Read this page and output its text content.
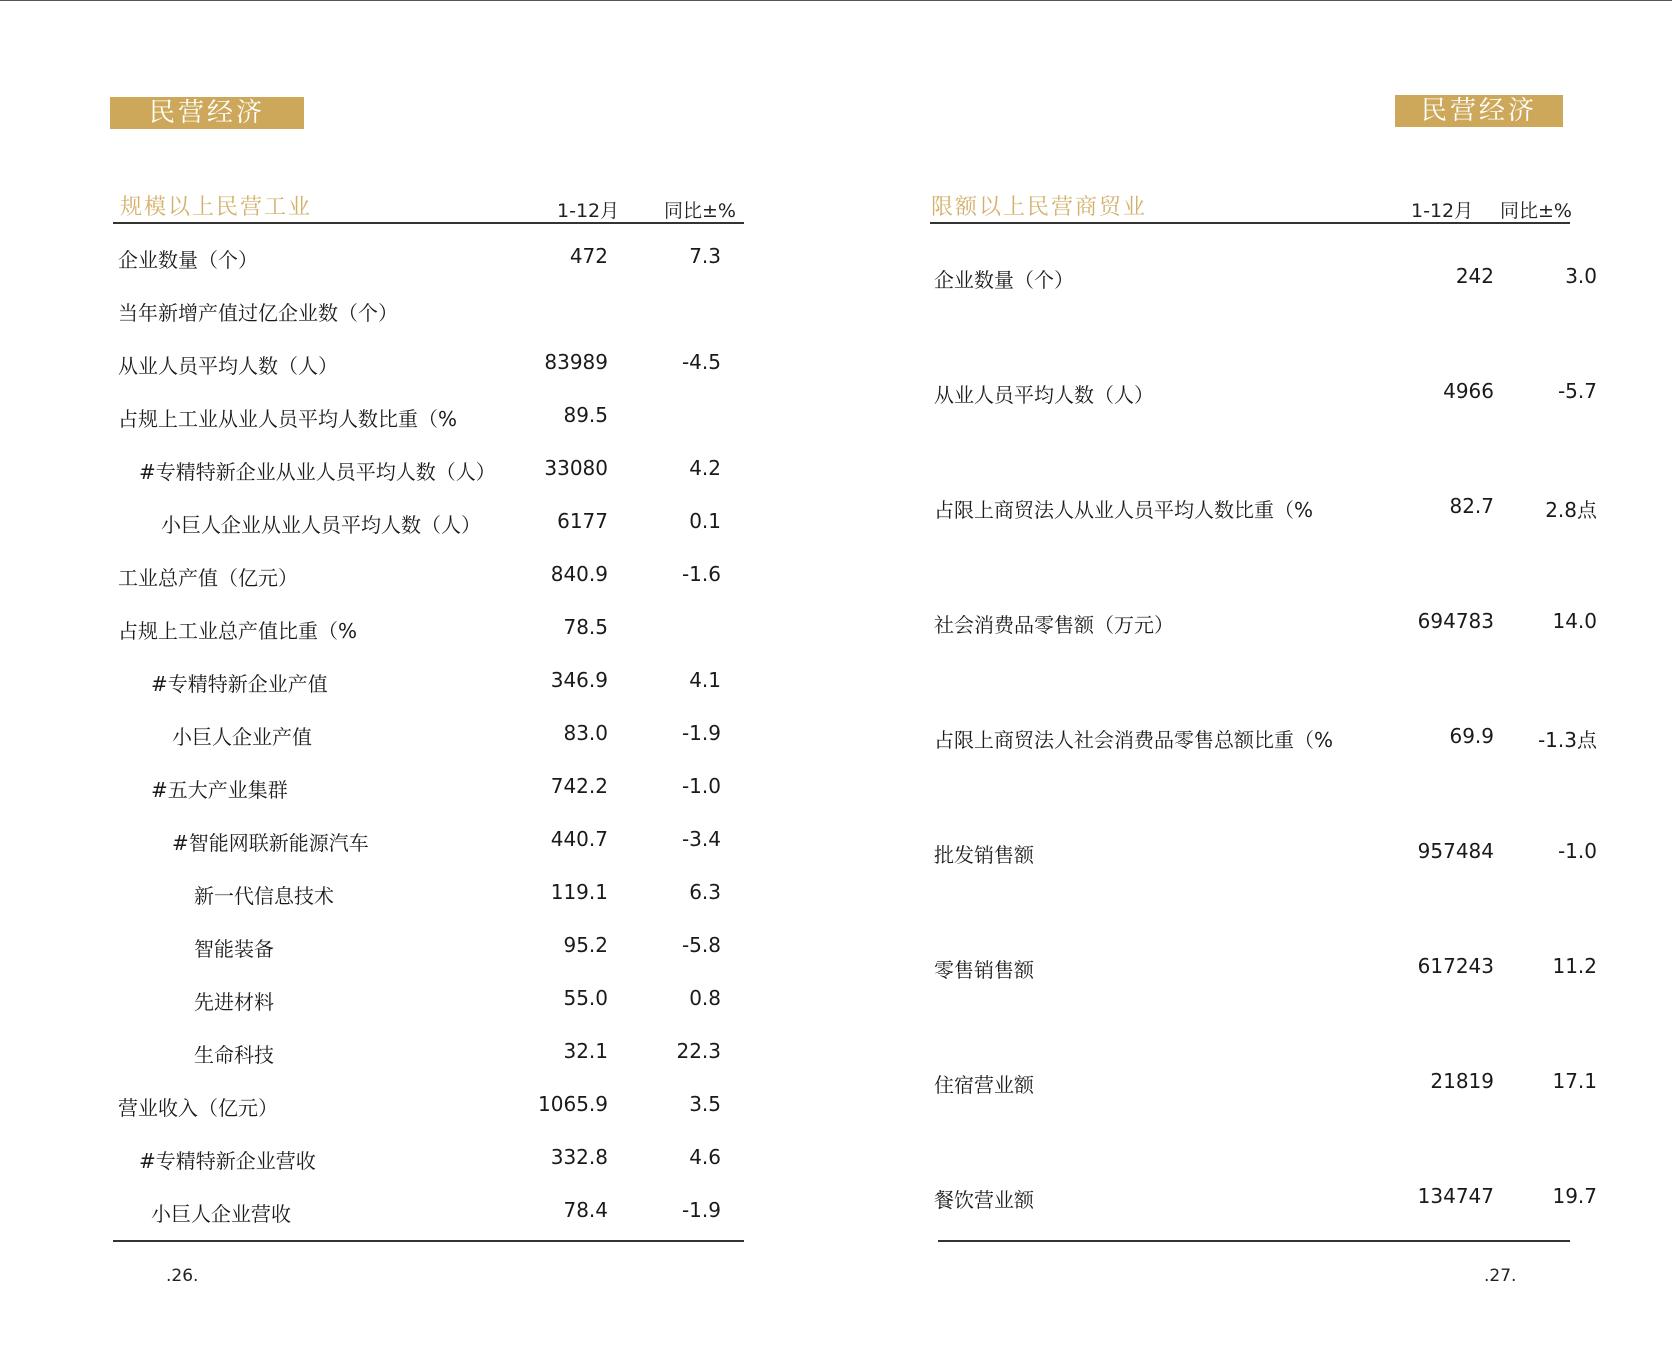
民营经济
规模以上民营工业	1-12月 同比±%
企业数量（个）	472	7.3
当年新增产值过亿企业数（个）
从业人员平均人数（人）	83989	-4.5
占规上工业从业人员平均人数比重（%	89.5
#专精特新企业从业人员平均人数（人） 33080	4.2
小巨人企业从业人员平均人数（人）	6177	0.1
工业总产值（亿元）	840.9	-1.6
占规上工业总产值比重（%	78.5
#专精特新企业产值	346.9	4.1
小巨人企业产值	83.0	-1.9
#五大产业集群	742.2	-1.0
#智能网联新能源汽车	440.7	-3.4
新一代信息技术	119.1	6.3
智能装备	95.2	-5.8
先进材料	55.0	0.8
生命科技	32.1	22.3
营业收入（亿元）	1065.9	3.5
#专精特新企业营收	332.8	4.6
小巨人企业营收	78.4	-1.9
.26.
民营经济
限额以上民营商贸业	1-12月 同比±%
企业数量（个）	242	3.0
从业人员平均人数（人）	4966	-5.7
占限上商贸法人从业人员平均人数比重（%	82.7	2.8点
社会消费品零售额（万元）	694783	14.0
占限上商贸法人社会消费品零售总额比重（%	69.9 -1.3点
批发销售额	957484	-1.0
零售销售额	617243	11.2
住宿营业额	21819	17.1
餐饮营业额	134747	19.7
.27.
